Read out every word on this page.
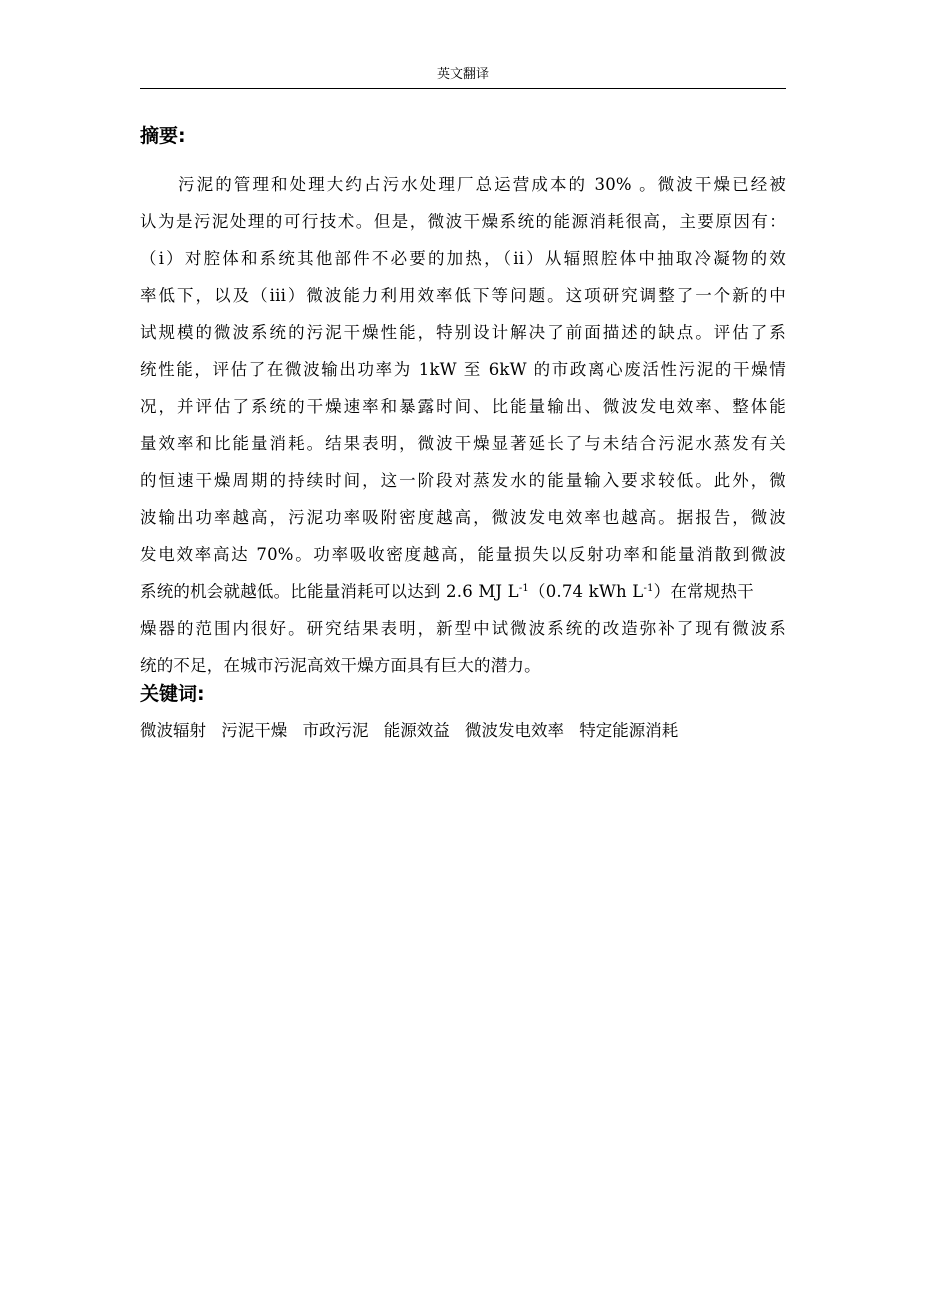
英文翻译
摘要:
污泥的管理和处理大约占污水处理厂总运营成本的 30% 。微波干燥已经被
认为是污泥处理的可行技术。但是，微波干燥系统的能源消耗很高，主要原因有：
（i）对腔体和系统其他部件不必要的加热，（ii）从辐照腔体中抽取冷凝物的效
率低下，以及（iii）微波能力利用效率低下等问题。这项研究调整了一个新的中
试规模的微波系统的污泥干燥性能，特别设计解决了前面描述的缺点。评估了系
统性能，评估了在微波输出功率为 1kW 至 6kW 的市政离心废活性污泥的干燥情
况，并评估了系统的干燥速率和暴露时间、比能量输出、微波发电效率、整体能
量效率和比能量消耗。结果表明，微波干燥显著延长了与未结合污泥水蒸发有关
的恒速干燥周期的持续时间，这一阶段对蒸发水的能量输入要求较低。此外，微
波输出功率越高，污泥功率吸附密度越高，微波发电效率也越高。据报告，微波
发电效率高达 70%。功率吸收密度越高，能量损失以反射功率和能量消散到微波
系统的机会就越低。比能量消耗可以达到 2.6 MJ $L^{-1}(0.74$ kWh $L^{-1}$）在常规热干
燥器的范围内很好。研究结果表明，新型中试微波系统的改造弥补了现有微波系
统的不足，在城市污泥高效干燥方面具有巨大的潜力。
关键词:
微波辐射 污泥干燥 市政污泥 能源效益 微波发电效率 特定能源消耗
